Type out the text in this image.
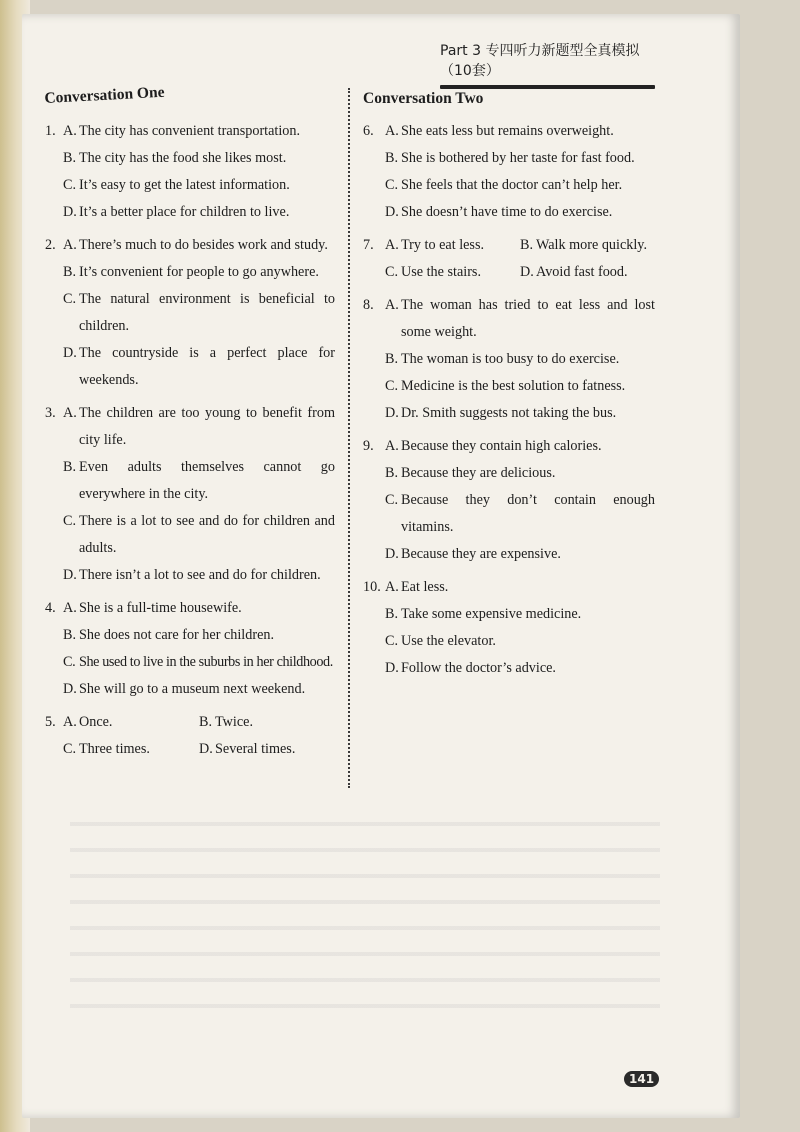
Part 3 专四听力新题型全真模拟（10套）
Conversation One
1. A. The city has convenient transportation.
B. The city has the food she likes most.
C. It’s easy to get the latest information.
D. It’s a better place for children to live.
2. A. There’s much to do besides work and study.
B. It’s convenient for people to go anywhere.
C. The natural environment is beneficial to children.
D. The countryside is a perfect place for weekends.
3. A. The children are too young to benefit from city life.
B. Even adults themselves cannot go everywhere in the city.
C. There is a lot to see and do for children and adults.
D. There isn’t a lot to see and do for children.
4. A. She is a full-time housewife.
B. She does not care for her children.
C. She used to live in the suburbs in her childhood.
D. She will go to a museum next weekend.
5. A. Once.	B. Twice.
C. Three times.	D. Several times.
Conversation Two
6. A. She eats less but remains overweight.
B. She is bothered by her taste for fast food.
C. She feels that the doctor can’t help her.
D. She doesn’t have time to do exercise.
7. A. Try to eat less.	B. Walk more quickly.
C. Use the stairs.	D. Avoid fast food.
8. A. The woman has tried to eat less and lost some weight.
B. The woman is too busy to do exercise.
C. Medicine is the best solution to fatness.
D. Dr. Smith suggests not taking the bus.
9. A. Because they contain high calories.
B. Because they are delicious.
C. Because they don’t contain enough vitamins.
D. Because they are expensive.
10. A. Eat less.
B. Take some expensive medicine.
C. Use the elevator.
D. Follow the doctor’s advice.
141
